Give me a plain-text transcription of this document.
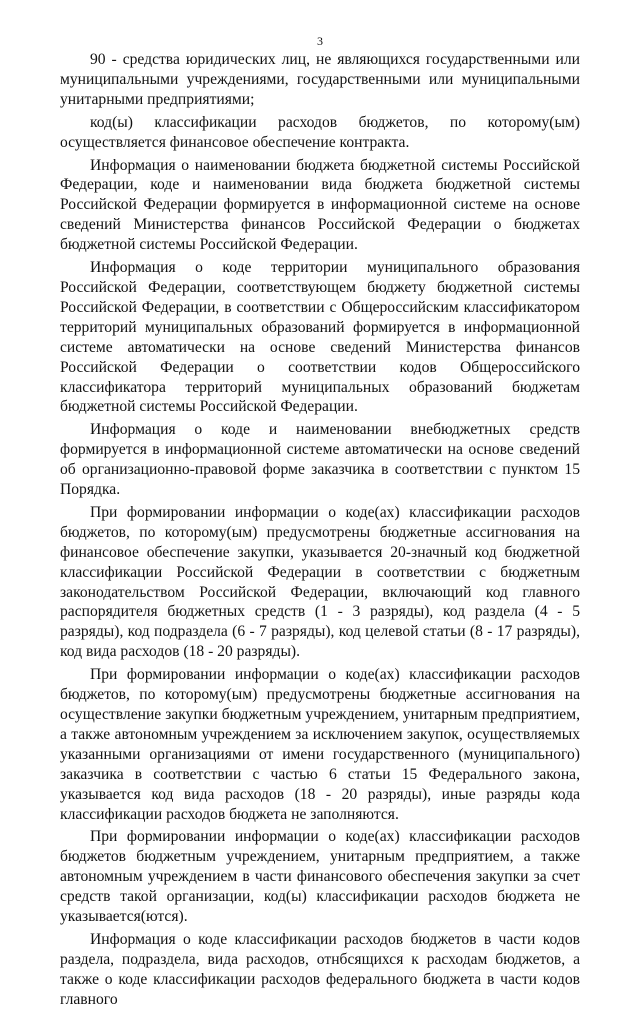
3

90 - средства юридических лиц, не являющихся государственными или муниципальными учреждениями, государственными или муниципальными унитарными предприятиями;

код(ы) классификации расходов бюджетов, по которому(ым) осуществляется финансовое обеспечение контракта.

Информация о наименовании бюджета бюджетной системы Российской Федерации, коде и наименовании вида бюджета бюджетной системы Российской Федерации формируется в информационной системе на основе сведений Министерства финансов Российской Федерации о бюджетах бюджетной системы Российской Федерации.

Информация о коде территории муниципального образования Российской Федерации, соответствующем бюджету бюджетной системы Российской Федерации, в соответствии с Общероссийским классификатором территорий муниципальных образований формируется в информационной системе автоматически на основе сведений Министерства финансов Российской Федерации о соответствии кодов Общероссийского классификатора территорий муниципальных образований бюджетам бюджетной системы Российской Федерации.

Информация о коде и наименовании внебюджетных средств формируется в информационной системе автоматически на основе сведений об организационно-правовой форме заказчика в соответствии с пунктом 15 Порядка.

При формировании информации о коде(ах) классификации расходов бюджетов, по которому(ым) предусмотрены бюджетные ассигнования на финансовое обеспечение закупки, указывается 20-значный код бюджетной классификации Российской Федерации в соответствии с бюджетным законодательством Российской Федерации, включающий код главного распорядителя бюджетных средств (1 - 3 разряды), код раздела (4 - 5 разряды), код подраздела (6 - 7 разряды), код целевой статьи (8 - 17 разряды), код вида расходов (18 - 20 разряды).

При формировании информации о коде(ах) классификации расходов бюджетов, по которому(ым) предусмотрены бюджетные ассигнования на осуществление закупки бюджетным учреждением, унитарным предприятием, а также автономным учреждением за исключением закупок, осуществляемых указанными организациями от имени государственного (муниципального) заказчика в соответствии с частью 6 статьи 15 Федерального закона, указывается код вида расходов (18 - 20 разряды), иные разряды кода классификации расходов бюджета не заполняются.

При формировании информации о коде(ах) классификации расходов бюджетов бюджетным учреждением, унитарным предприятием, а также автономным учреждением в части финансового обеспечения закупки за счет средств такой организации, код(ы) классификации расходов бюджета не указывается(ются).

Информация о коде классификации расходов бюджетов в части кодов раздела, подраздела, вида расходов, отнбсящихся к расходам бюджетов, а также о коде классификации расходов федерального бюджета в части кодов главного
